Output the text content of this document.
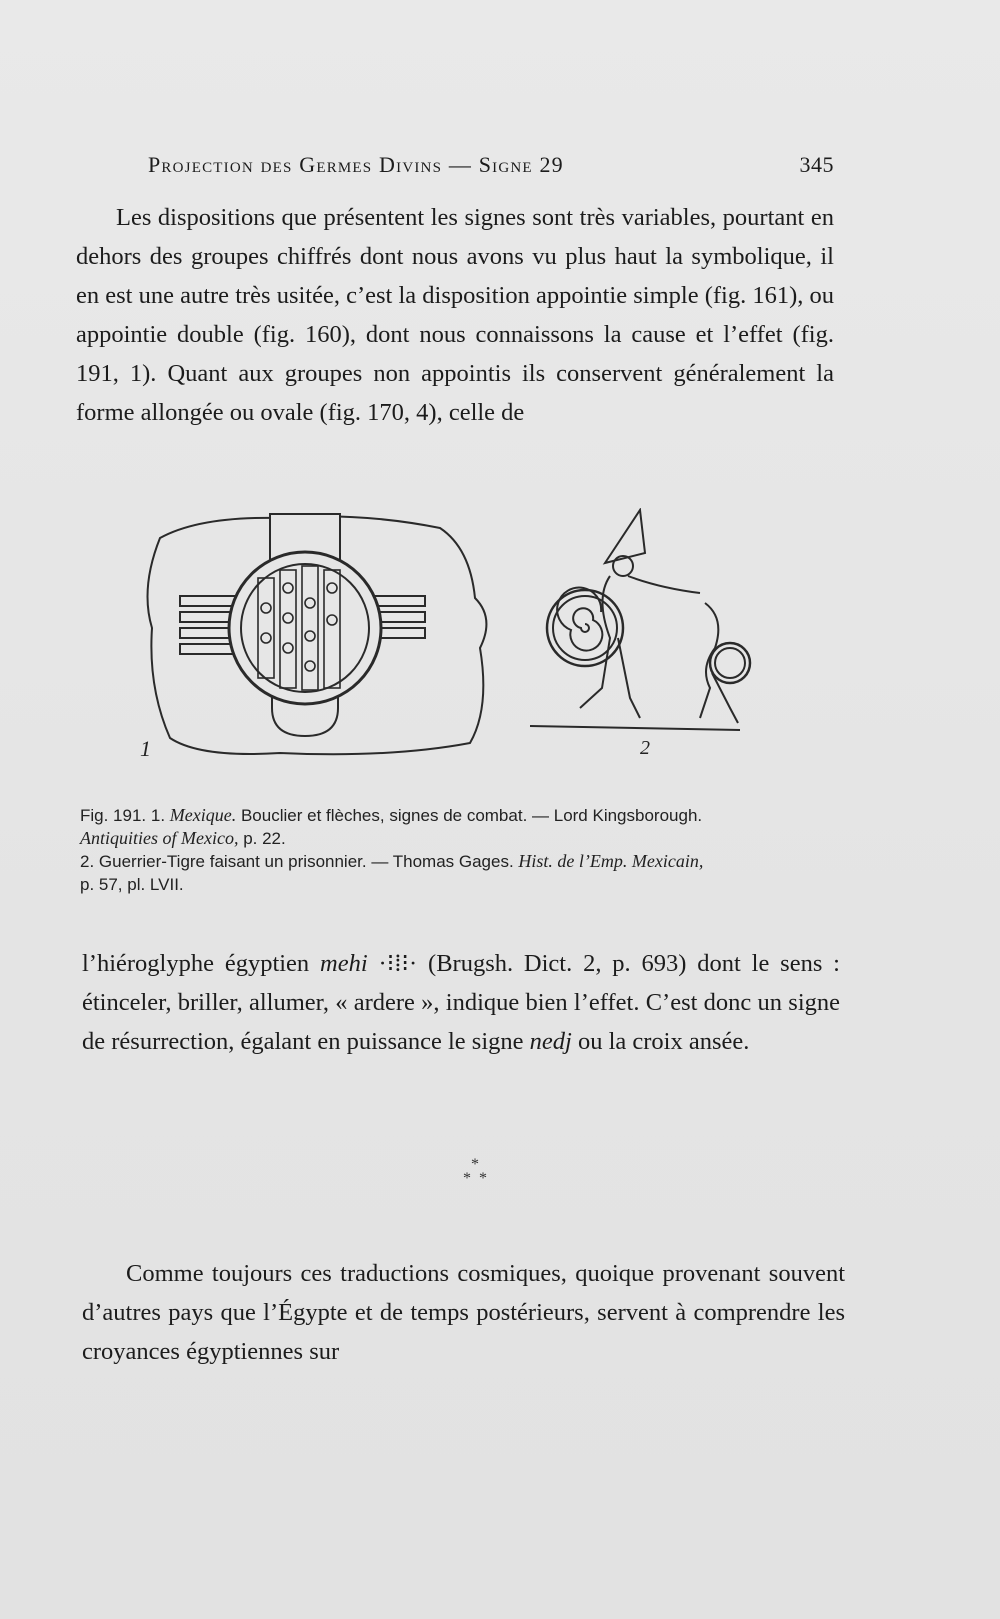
Projection des Germes Divins — Signe 29	345
Les dispositions que présentent les signes sont très variables, pourtant en dehors des groupes chiffrés dont nous avons vu plus haut la symbolique, il en est une autre très usitée, c’est la disposition appointie simple (fig. 161), ou appointie double (fig. 160), dont nous connaissons la cause et l’effet (fig. 191, 1). Quant aux groupes non appointis ils conservent généralement la forme allongée ou ovale (fig. 170, 4), celle de
1	2
Fig. 191. 1. Mexique. Bouclier et flèches, signes de combat. — Lord Kingsborough.
Antiquities of Mexico, p. 22.
2. Guerrier-Tigre faisant un prisonnier. — Thomas Gages. Hist. de l’Emp. Mexicain,
p. 57, pl. LVII.
l’hiéroglyphe égyptien mehi ·⁝⁞⁝· (Brugsh. Dict. 2, p. 693) dont le sens : étinceler, briller, allumer, « ardere », indique bien l’effet. C’est donc un signe de résurrection, égalant en puissance le signe nedj ou la croix ansée.
*
*  *
Comme toujours ces traductions cosmiques, quoique provenant souvent d’autres pays que l’Égypte et de temps postérieurs, servent à comprendre les croyances égyptiennes sur
